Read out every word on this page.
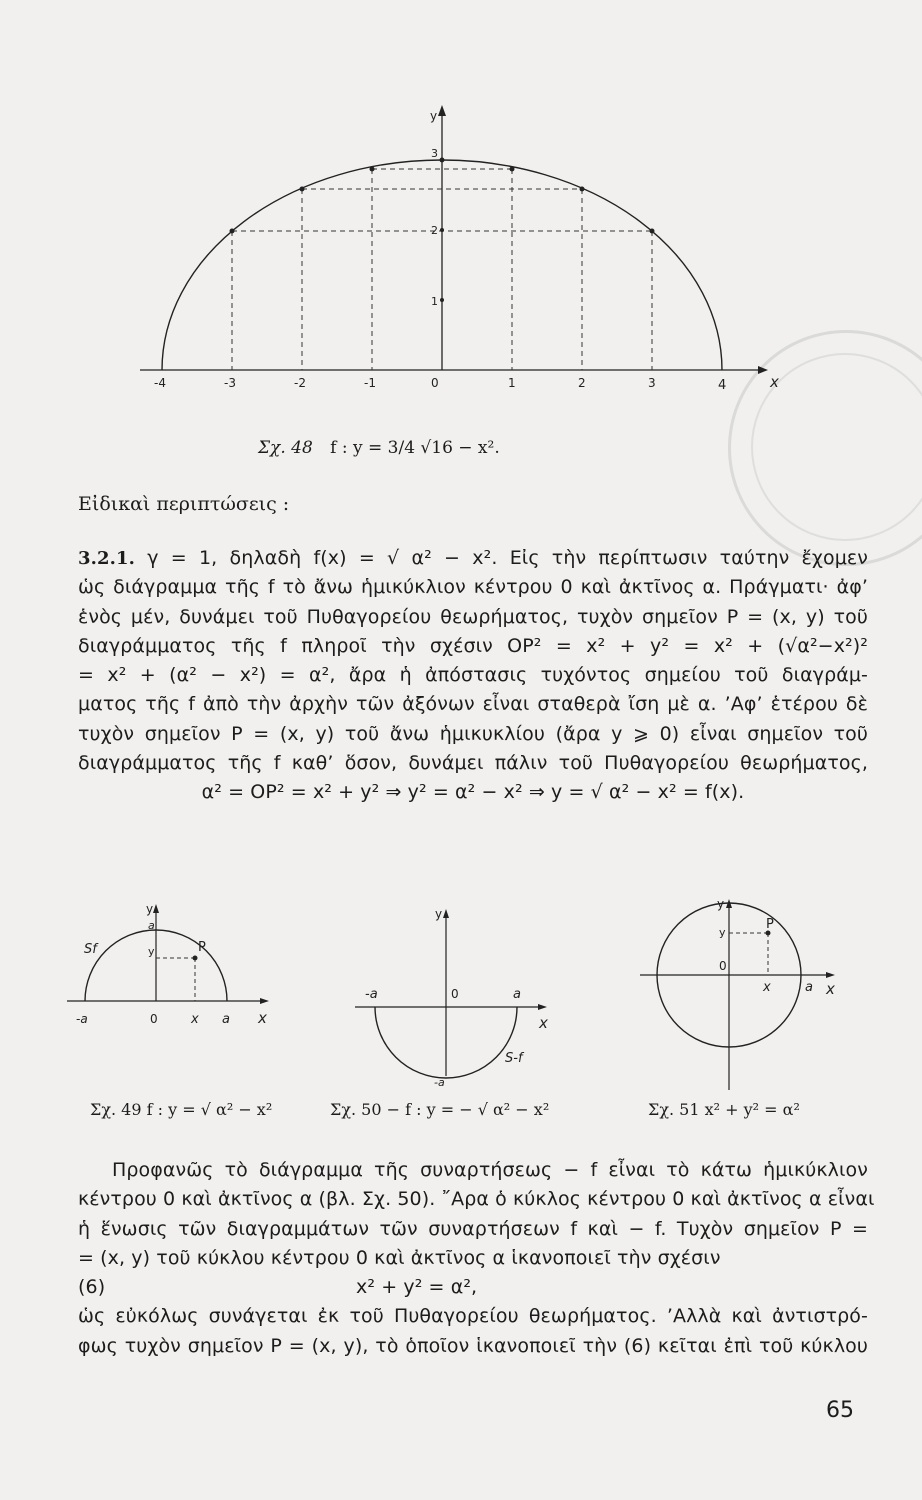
y
x
-4	-3	-2	-1	0	1	2	3	4
1
2
3
Σχ. 48 f : y = 3/4 √16 − x².
Εἰδικαὶ περιπτώσεις :
3.2.1. γ = 1, δηλαδὴ f(x) = √ α² − x². Εἰς τὴν περίπτωσιν ταύτην ἔχομεν
ὡς διάγραμμα τῆς f τὸ ἄνω ἡμικύκλιον κέντρου 0 καὶ ἀκτῖνος α. Πράγματι· ἀφ’
ἑνὸς μέν, δυνάμει τοῦ Πυθαγορείου θεωρήματος, τυχὸν σημεῖον P = (x, y) τοῦ
διαγράμματος τῆς f πληροῖ τὴν σχέσιν OP² = x² + y² = x² + (√α²−x²)²
= x² + (α² − x²) = α², ἄρα ἡ ἀπόστασις τυχόντος σημείου τοῦ διαγράμ-
ματος τῆς f ἀπὸ τὴν ἀρχὴν τῶν ἀξόνων εἶναι σταθερὰ ἴση μὲ α. ’Αφ’ ἑτέρου δὲ
τυχὸν σημεῖον P = (x, y) τοῦ ἄνω ἡμικυκλίου (ἄρα y ⩾ 0) εἶναι σημεῖον τοῦ
διαγράμματος τῆς f καθ’ ὅσον, δυνάμει πάλιν τοῦ Πυθαγορείου θεωρήματος,
α² = OP² = x² + y² ⇒ y² = α² − x² ⇒ y = √ α² − x² = f(x).
y
a
y	P
Sf
-a	0	x a x
y
-a	0	a
x
S-f
-a
y
y
P
0
x	a x
Σχ. 49 f : y = √ α² − x²	Σχ. 50 − f : y = − √ α² − x²	Σχ. 51 x² + y² = α²
Προφανῶς τὸ διάγραμμα τῆς συναρτήσεως − f εἶναι τὸ κάτω ἡμικύκλιον
κέντρου 0 καὶ ἀκτῖνος α (βλ. Σχ. 50). ῎Αρα ὁ κύκλος κέντρου 0 καὶ ἀκτῖνος α εἶναι
ἡ ἕνωσις τῶν διαγραμμάτων τῶν συναρτήσεων f καὶ − f. Τυχὸν σημεῖον P =
= (x, y) τοῦ κύκλου κέντρου 0 καὶ ἀκτῖνος α ἱκανοποιεῖ τὴν σχέσιν
(6)	x² + y² = α²,
ὡς εὐκόλως συνάγεται ἐκ τοῦ Πυθαγορείου θεωρήματος. ’Αλλὰ καὶ ἀντιστρό-
φως τυχὸν σημεῖον P = (x, y), τὸ ὁποῖον ἱκανοποιεῖ τὴν (6) κεῖται ἐπὶ τοῦ κύκλου
65
